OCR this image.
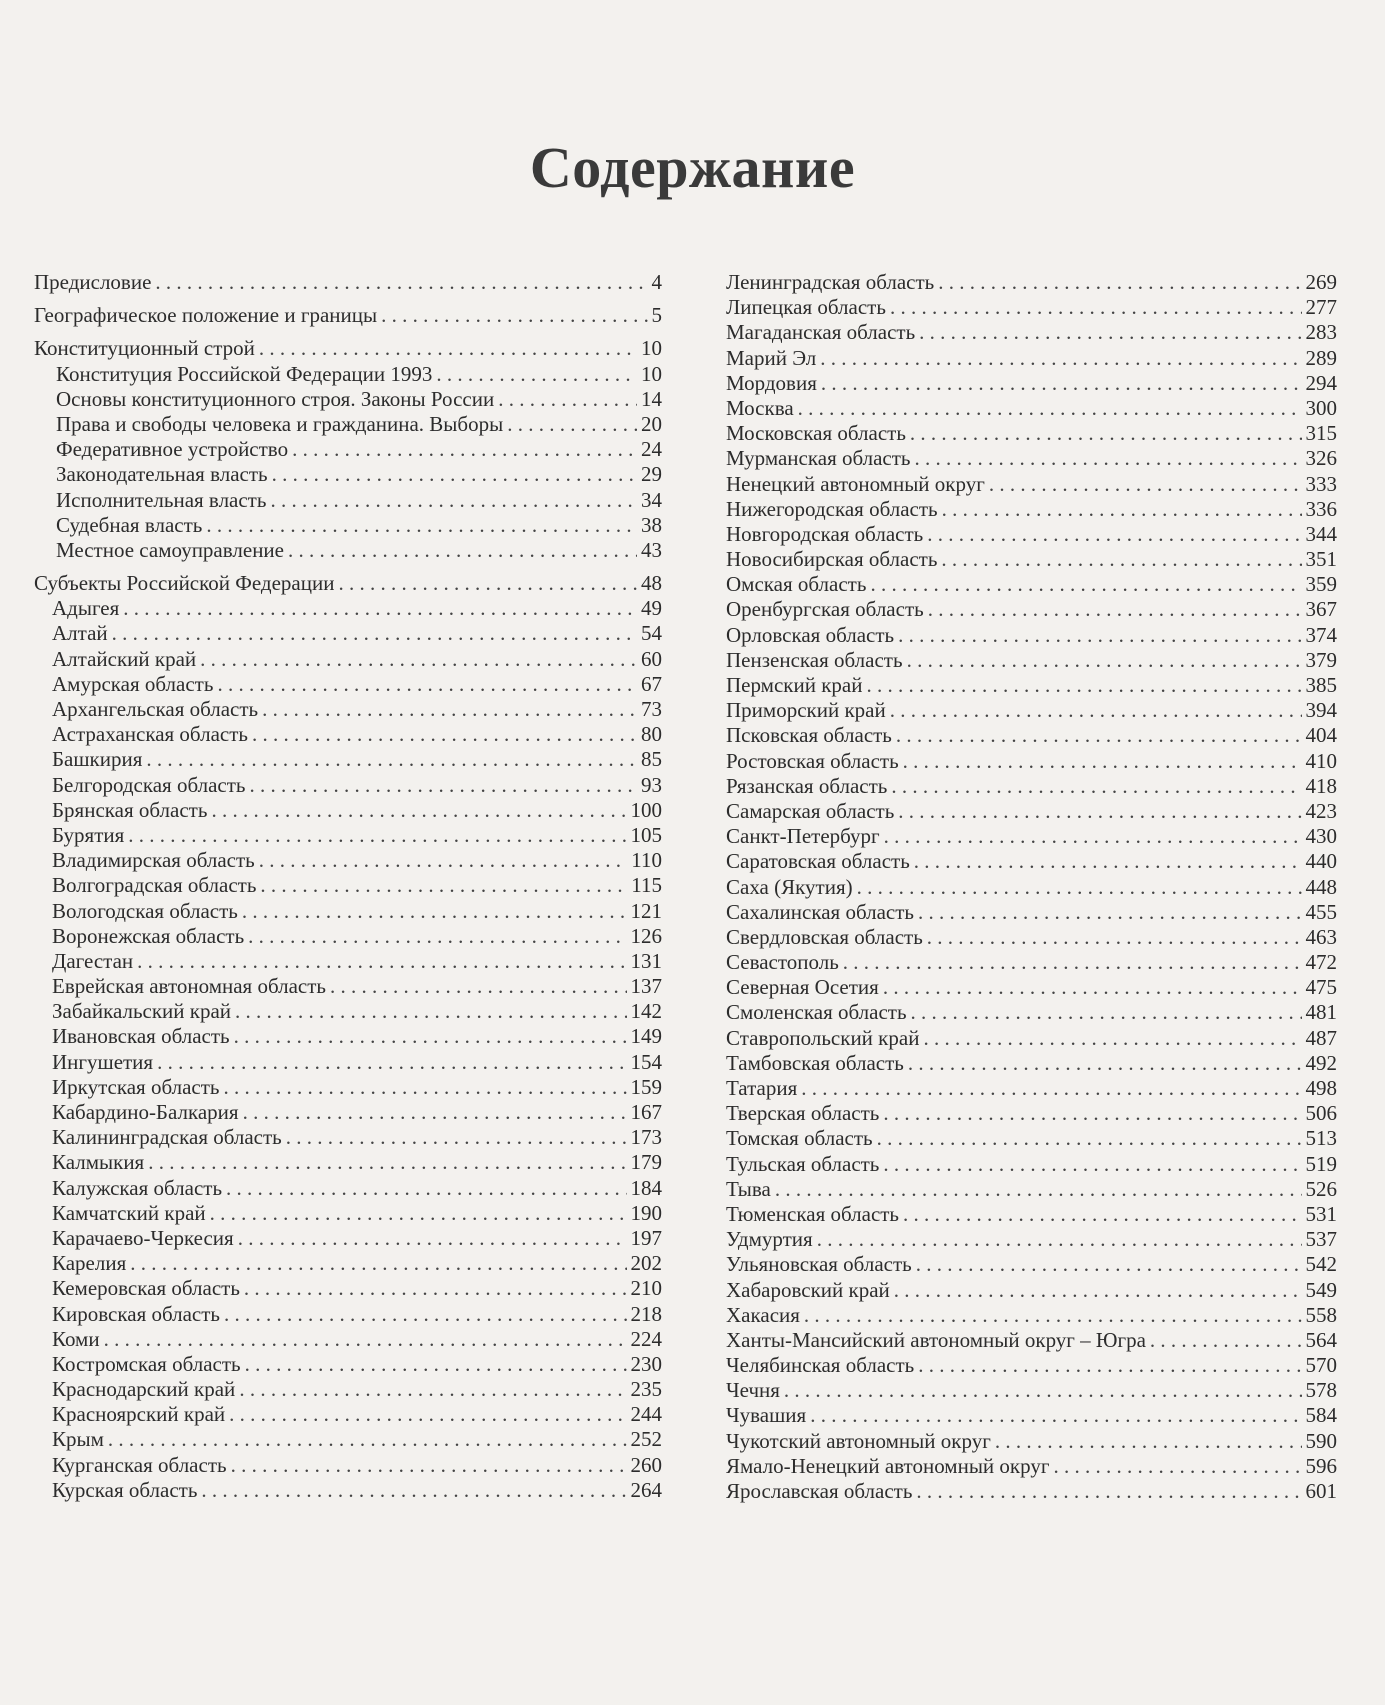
Содержание
Предисловие . . .	4
Географическое положение и границы . . .	5
Конституционный строй . . .	10
Конституция Российской Федерации 1993 . . .	10
Основы конституционного строя. Законы России . . .	14
Права и свободы человека и гражданина. Выборы . . .	20
Федеративное устройство . . .	24
Законодательная власть . . .	29
Исполнительная власть . . .	34
Судебная власть . . .	38
Местное самоуправление . . .	43
Субъекты Российской Федерации . . .	48
Адыгея . . .	49
Алтай . . .	54
Алтайский край . . .	60
Амурская область . . .	67
Архангельская область . . .	73
Астраханская область . . .	80
Башкирия . . .	85
Белгородская область . . .	93
Брянская область . . .	100
Бурятия . . .	105
Владимирская область . . .	110
Волгоградская область . . .	115
Вологодская область . . .	121
Воронежская область . . .	126
Дагестан . . .	131
Еврейская автономная область . . .	137
Забайкальский край . . .	142
Ивановская область . . .	149
Ингушетия . . .	154
Иркутская область . . .	159
Кабардино-Балкария . . .	167
Калининградская область . . .	173
Калмыкия . . .	179
Калужская область . . .	184
Камчатский край . . .	190
Карачаево-Черкесия . . .	197
Карелия . . .	202
Кемеровская область . . .	210
Кировская область . . .	218
Коми . . .	224
Костромская область . . .	230
Краснодарский край . . .	235
Красноярский край . . .	244
Крым . . .	252
Курганская область . . .	260
Курская область . . .	264
Ленинградская область . . .	269
Липецкая область . . .	277
Магаданская область . . .	283
Марий Эл . . .	289
Мордовия . . .	294
Москва . . .	300
Московская область . . .	315
Мурманская область . . .	326
Ненецкий автономный округ . . .	333
Нижегородская область . . .	336
Новгородская область . . .	344
Новосибирская область . . .	351
Омская область . . .	359
Оренбургская область . . .	367
Орловская область . . .	374
Пензенская область . . .	379
Пермский край . . .	385
Приморский край . . .	394
Псковская область . . .	404
Ростовская область . . .	410
Рязанская область . . .	418
Самарская область . . .	423
Санкт-Петербург . . .	430
Саратовская область . . .	440
Саха (Якутия) . . .	448
Сахалинская область . . .	455
Свердловская область . . .	463
Севастополь . . .	472
Северная Осетия . . .	475
Смоленская область . . .	481
Ставропольский край . . .	487
Тамбовская область . . .	492
Татария . . .	498
Тверская область . . .	506
Томская область . . .	513
Тульская область . . .	519
Тыва . . .	526
Тюменская область . . .	531
Удмуртия . . .	537
Ульяновская область . . .	542
Хабаровский край . . .	549
Хакасия . . .	558
Ханты-Мансийский автономный округ – Югра . . .	564
Челябинская область . . .	570
Чечня . . .	578
Чувашия . . .	584
Чукотский автономный округ . . .	590
Ямало-Ненецкий автономный округ . . .	596
Ярославская область . . .	601
